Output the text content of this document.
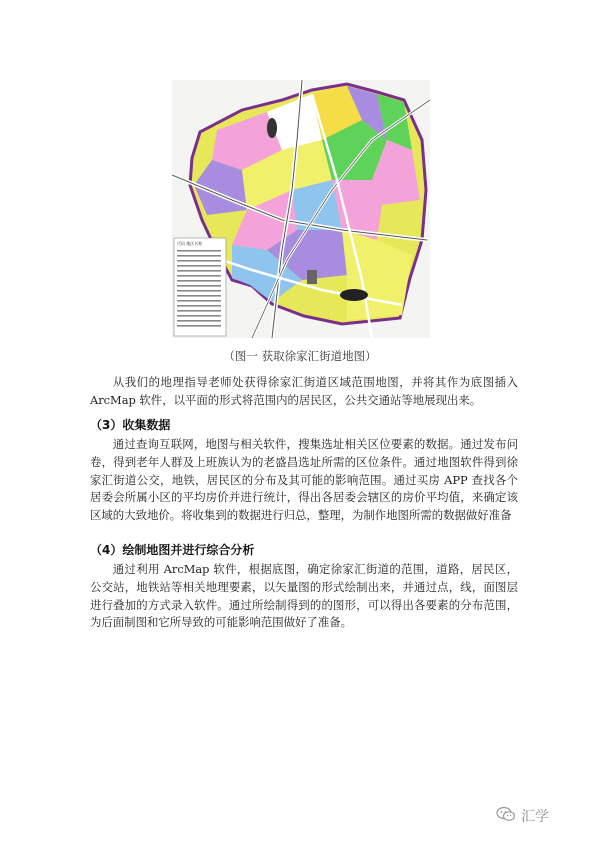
代码 地区名称
（图一 获取徐家汇街道地图）

从我们的地理指导老师处获得徐家汇街道区域范围地图，并将其作为底图插入 ArcMap 软件，以平面的形式将范围内的居民区，公共交通站等地展现出来。

（3）收集数据

通过查询互联网，地图与相关软件，搜集选址相关区位要素的数据。通过发布问卷，得到老年人群及上班族认为的老盛昌选址所需的区位条件。通过地图软件得到徐家汇街道公交，地铁，居民区的分布及其可能的影响范围。通过买房 APP 查找各个居委会所属小区的平均房价并进行统计，得出各居委会辖区的房价平均值，来确定该区域的大致地价。将收集到的数据进行归总，整理，为制作地图所需的数据做好准备

（4）绘制地图并进行综合分析

通过利用 ArcMap 软件，根据底图，确定徐家汇街道的范围，道路，居民区，公交站，地铁站等相关地理要素，以矢量图的形式绘制出来，并通过点，线，面图层进行叠加的方式录入软件。通过所绘制得到的的图形，可以得出各要素的分布范围，为后面制图和它所导致的可能影响范围做好了准备。

汇学
